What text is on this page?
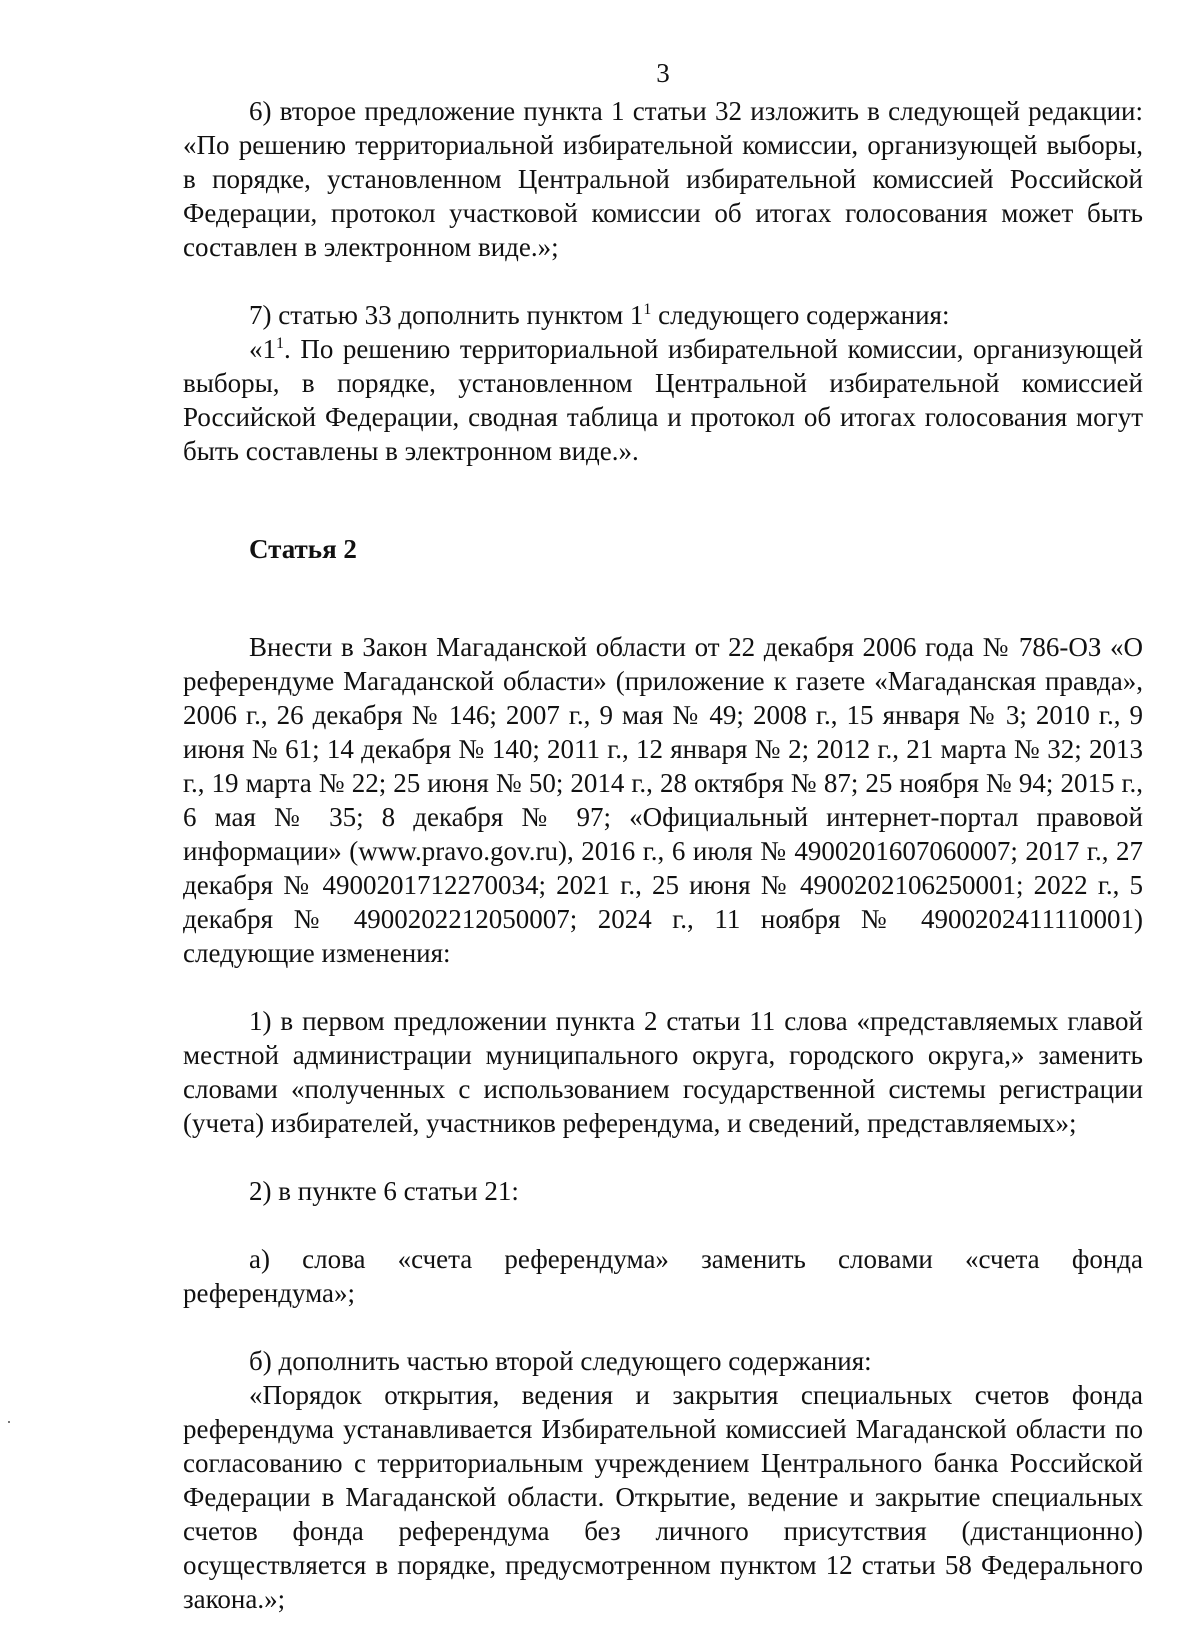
3

6) второе предложение пункта 1 статьи 32 изложить в следующей редакции: «По решению территориальной избирательной комиссии, организующей выборы, в порядке, установленном Центральной избирательной комиссией Российской Федерации, протокол участковой комиссии об итогах голосования может быть составлен в электронном виде.»;

7) статью 33 дополнить пунктом $1^1$ следующего содержания:

«$1^1$. По решению территориальной избирательной комиссии, организующей выборы, в порядке, установленном Центральной избирательной комиссией Российской Федерации, сводная таблица и протокол об итогах голосования могут быть составлены в электронном виде.».

Статья 2

Внести в Закон Магаданской области от 22 декабря 2006 года № 786-ОЗ «О референдуме Магаданской области» (приложение к газете «Магаданская правда», 2006 г., 26 декабря № 146; 2007 г., 9 мая № 49; 2008 г., 15 января № 3; 2010 г., 9 июня № 61; 14 декабря № 140; 2011 г., 12 января № 2; 2012 г., 21 марта № 32; 2013 г., 19 марта № 22; 25 июня № 50; 2014 г., 28 октября № 87; 25 ноября № 94; 2015 г., 6 мая № 35; 8 декабря № 97; «Официальный интернет-портал правовой информации» (www.pravo.gov.ru), 2016 г., 6 июля № 4900201607060007; 2017 г., 27 декабря № 4900201712270034; 2021 г., 25 июня № 4900202106250001; 2022 г., 5 декабря № 4900202212050007; 2024 г., 11 ноября № 4900202411110001) следующие изменения:

1) в первом предложении пункта 2 статьи 11 слова «представляемых главой местной администрации муниципального округа, городского округа,» заменить словами «полученных с использованием государственной системы регистрации (учета) избирателей, участников референдума, и сведений, представляемых»;

2) в пункте 6 статьи 21:

а) слова «счета референдума» заменить словами «счета фонда референдума»;

б) дополнить частью второй следующего содержания:

«Порядок открытия, ведения и закрытия специальных счетов фонда референдума устанавливается Избирательной комиссией Магаданской области по согласованию с территориальным учреждением Центрального банка Российской Федерации в Магаданской области. Открытие, ведение и закрытие специальных счетов фонда референдума без личного присутствия (дистанционно) осуществляется в порядке, предусмотренном пунктом 12 статьи 58 Федерального закона.»;
